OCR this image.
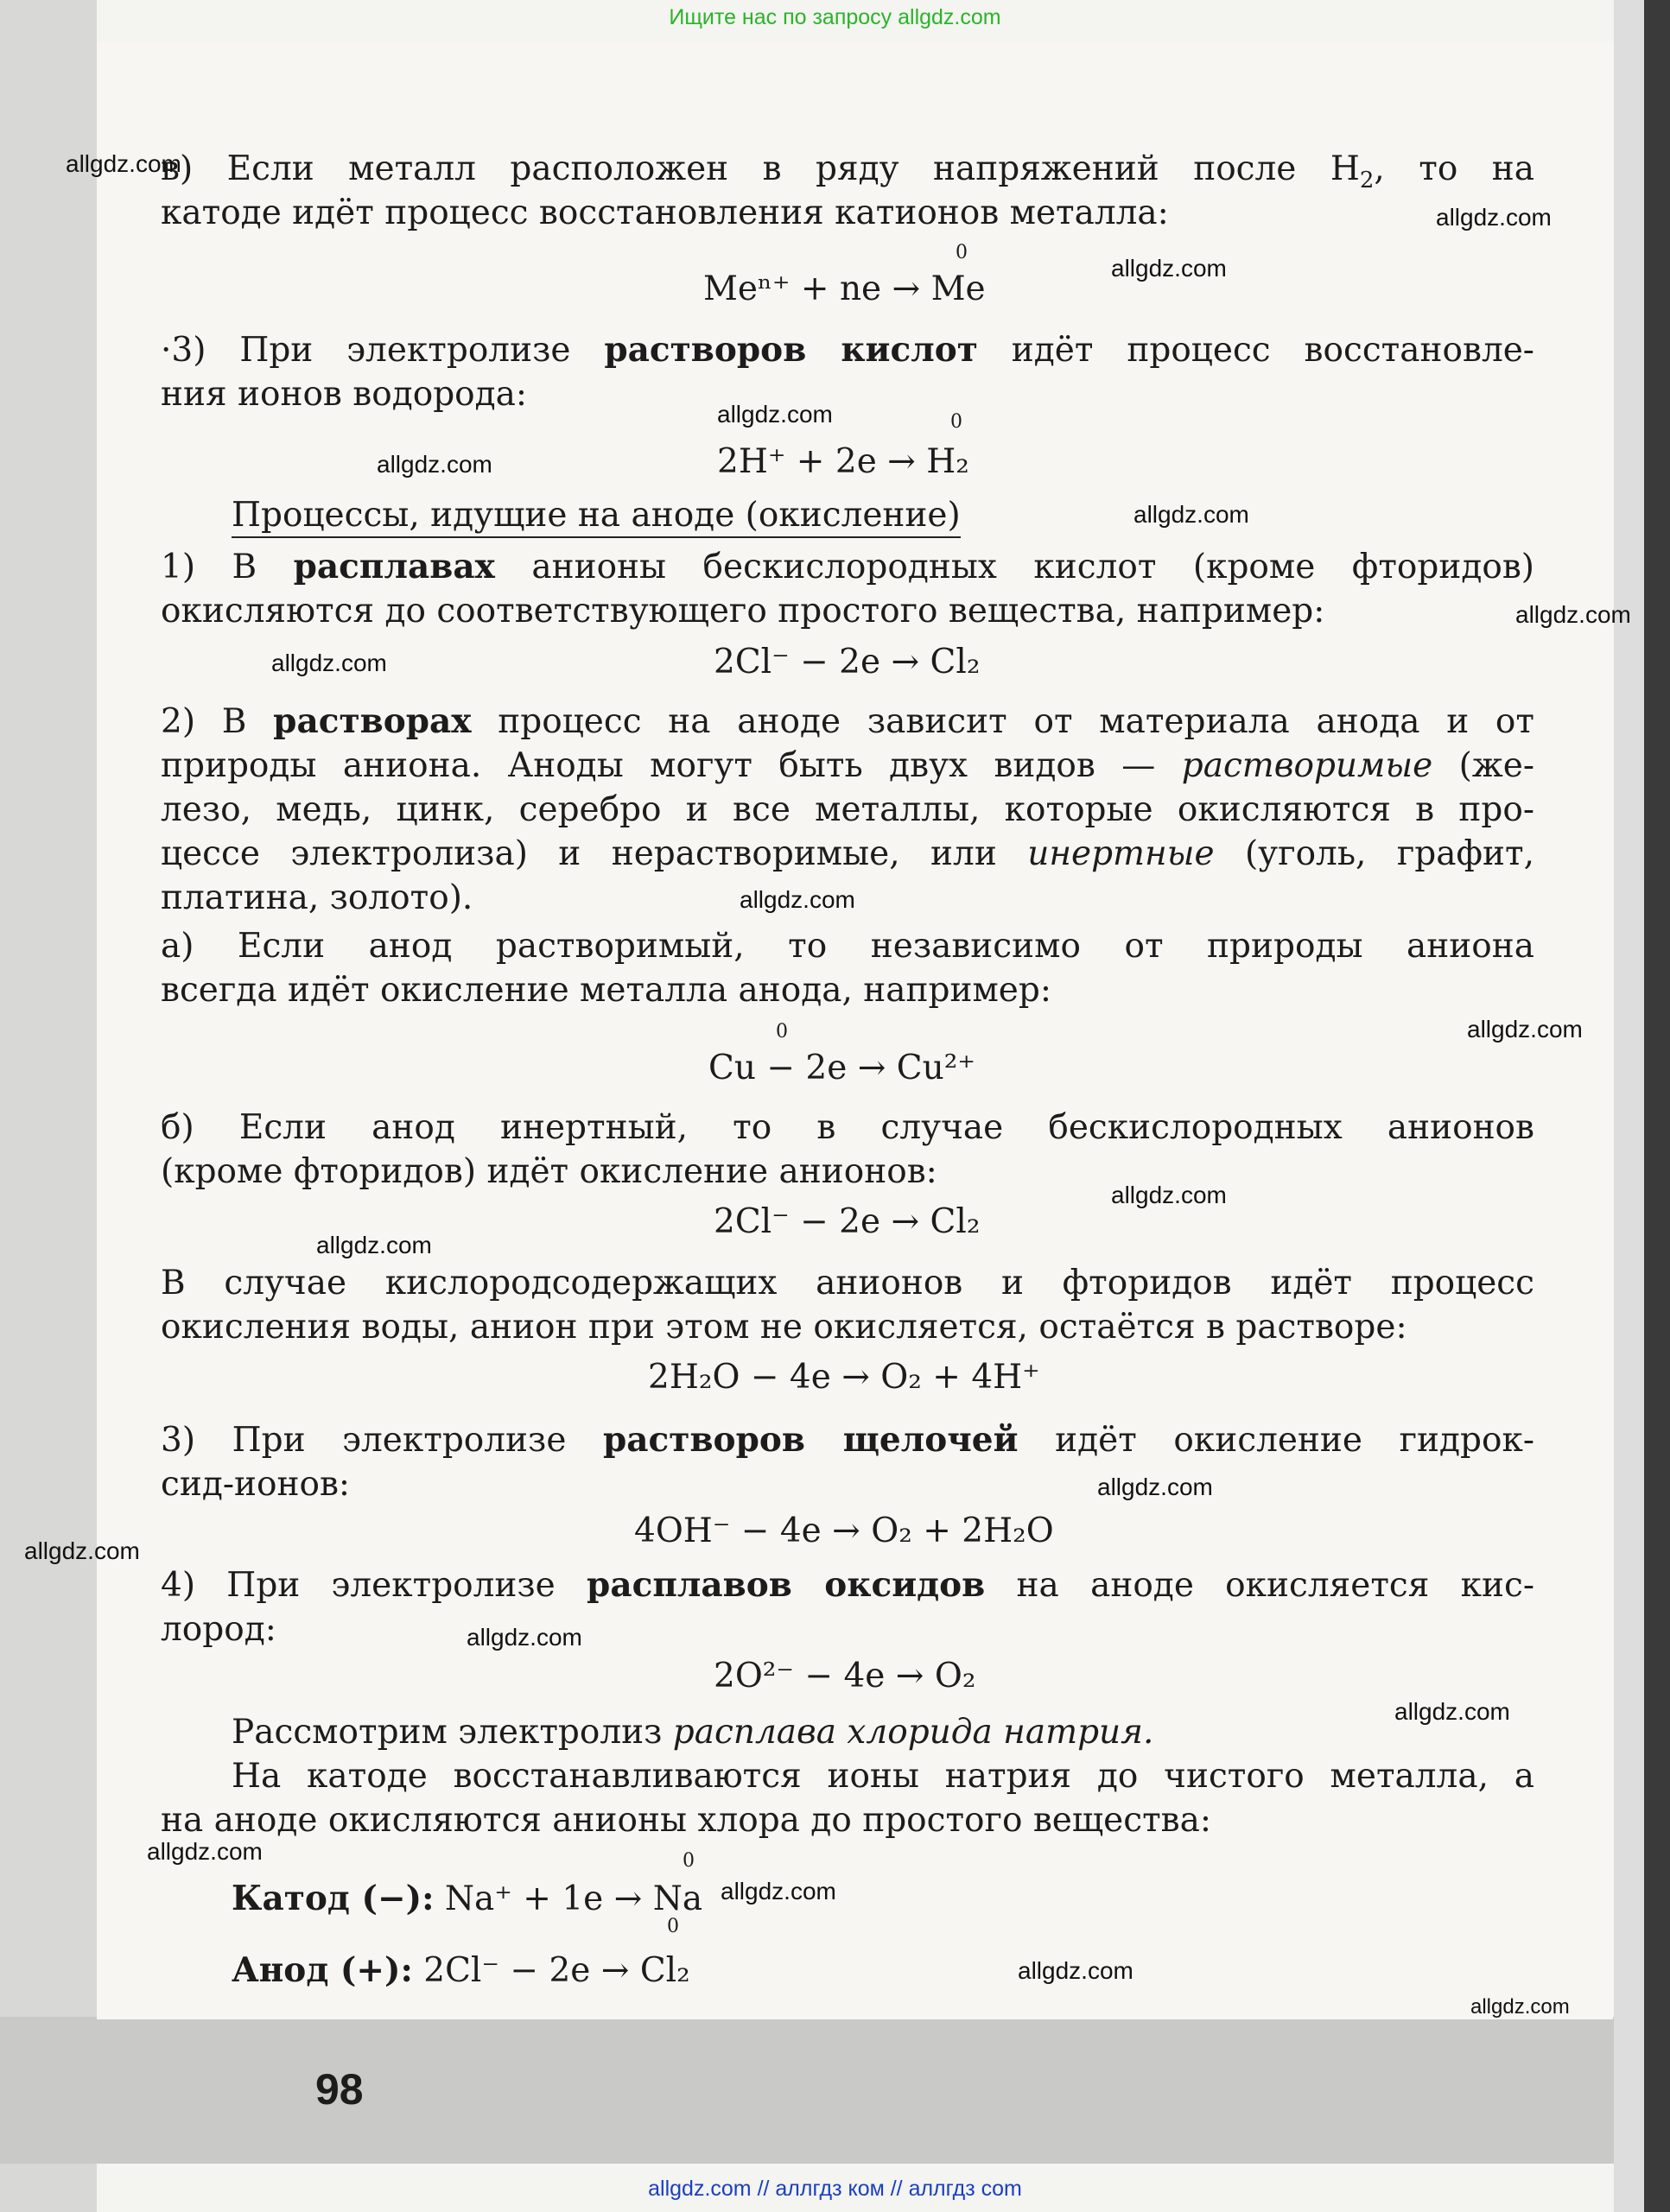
Ищите нас по запросу allgdz.com
в) Если металл расположен в ряду напряжений после $H_2$, то на
катоде идёт процесс восстановления катионов металла:
0
Meⁿ⁺ + ne → Me
·3) При электролизе растворов кислот идёт процесс восстановле-
ния ионов водорода:
0
2H⁺ + 2e → H₂
Процессы, идущие на аноде (окисление)
1) В расплавах анионы бескислородных кислот (кроме фторидов)
окисляются до соответствующего простого вещества, например:
2Cl⁻ − 2e → Cl₂
2) В растворах процесс на аноде зависит от материала анода и от
природы аниона. Аноды могут быть двух видов — растворимые (же-
лезо, медь, цинк, серебро и все металлы, которые окисляются в про-
цессе электролиза) и нерастворимые, или инертные (уголь, графит,
платина, золото).
а) Если анод растворимый, то независимо от природы аниона
всегда идёт окисление металла анода, например:
0
Cu − 2e → Cu²⁺
б) Если анод инертный, то в случае бескислородных анионов
(кроме фторидов) идёт окисление анионов:
2Cl⁻ − 2e → Cl₂
В случае кислородсодержащих анионов и фторидов идёт процесс
окисления воды, анион при этом не окисляется, остаётся в растворе:
2H₂O − 4e → O₂ + 4H⁺
3) При электролизе растворов щелочей идёт окисление гидрок-
сид-ионов:
4OH⁻ − 4e → O₂ + 2H₂O
4) При электролизе расплавов оксидов на аноде окисляется кис-
лород:
2O²⁻ − 4e → O₂
Рассмотрим электролиз расплава хлорида натрия.
На катоде восстанавливаются ионы натрия до чистого металла, а
на аноде окисляются анионы хлора до простого вещества:
0
Катод (−): Na⁺ + 1e → Na
0
Анод (+): 2Cl⁻ − 2e → Cl₂
98
allgdz.com
allgdz.com
allgdz.com
allgdz.com
allgdz.com
allgdz.com
allgdz.com
allgdz.com
allgdz.com
allgdz.com
allgdz.com
allgdz.com
allgdz.com
allgdz.com
allgdz.com
allgdz.com
allgdz.com
allgdz.com
allgdz.com
allgdz.com
allgdz.com // аллгдз ком // аллгдз com
